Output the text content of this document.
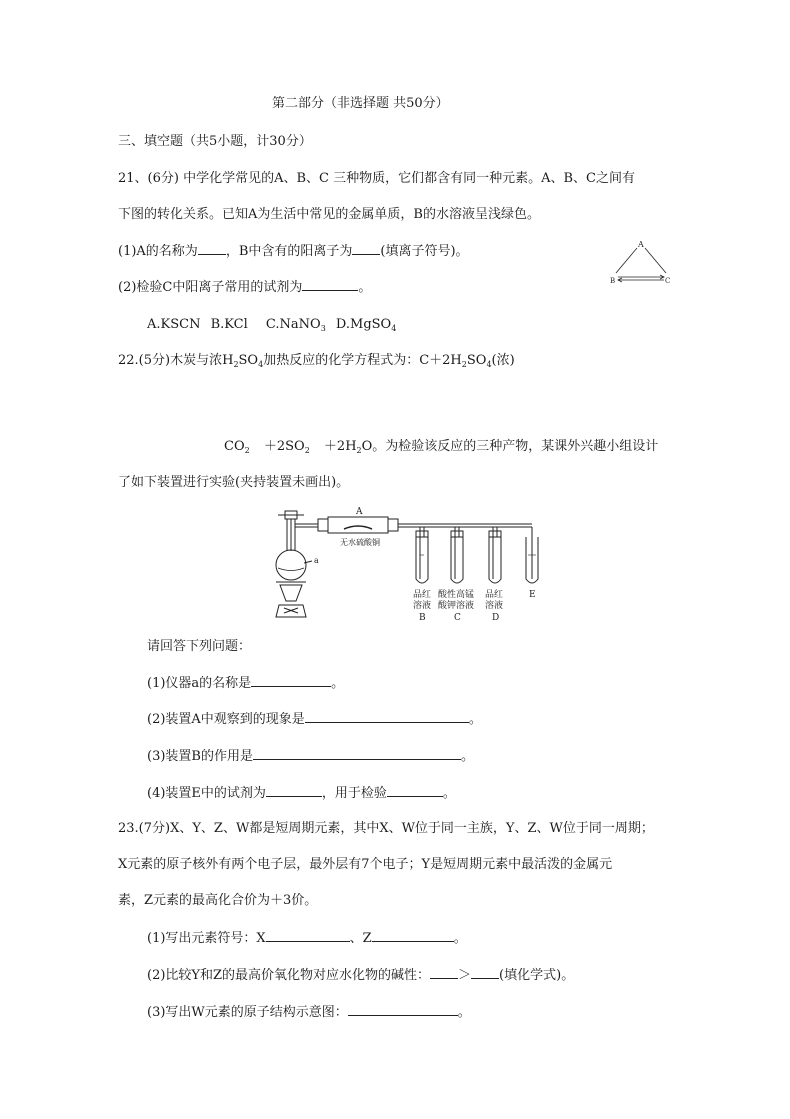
第二部分（非选择题 共50分）
三、填空题（共5小题，计30分）
21、(6分) 中学化学常见的A、B、C 三种物质，它们都含有同一种元素。A、B、C之间有
下图的转化关系。已知A为生活中常见的金属单质，B的水溶液呈浅绿色。
(1)A的名称为 ，B中含有的阳离子为 (填离子符号)。
(2)检验C中阳离子常用的试剂为	。
A.KSCN B.KCl C.NaNO$_3$ D.MgSO$_4$
A
B	C
22.(5分)木炭与浓$H_2SO_4$加热反应的化学方程式为：$C+2H_2SO_4$(浓)
$CO_2 +2SO_2 +2H_2O$。为检验该反应的三种产物，某课外兴趣小组设计
了如下装置进行实验(夹持装置未画出)。
A
a
无水硫酸铜
品红
溶液
酸性高锰
酸钾溶液
品红
溶液
B	C	D
E
请回答下列问题：
(1)仪器a的名称是	。
(2)装置A中观察到的现象是	。
(3)装置B的作用是	。
(4)装置E中的试剂为	，用于检验	。
23.(7分)X、Y、Z、W都是短周期元素，其中X、W位于同一主族，Y、Z、W位于同一周期；
X元素的原子核外有两个电子层，最外层有7个电子；Y是短周期元素中最活泼的金属元
素，Z元素的最高化合价为＋3价。
(1)写出元素符号：X	、Z	。
(2)比较Y和Z的最高价氧化物对应水化物的碱性： ＞ (填化学式)。
(3)写出W元素的原子结构示意图：	。
